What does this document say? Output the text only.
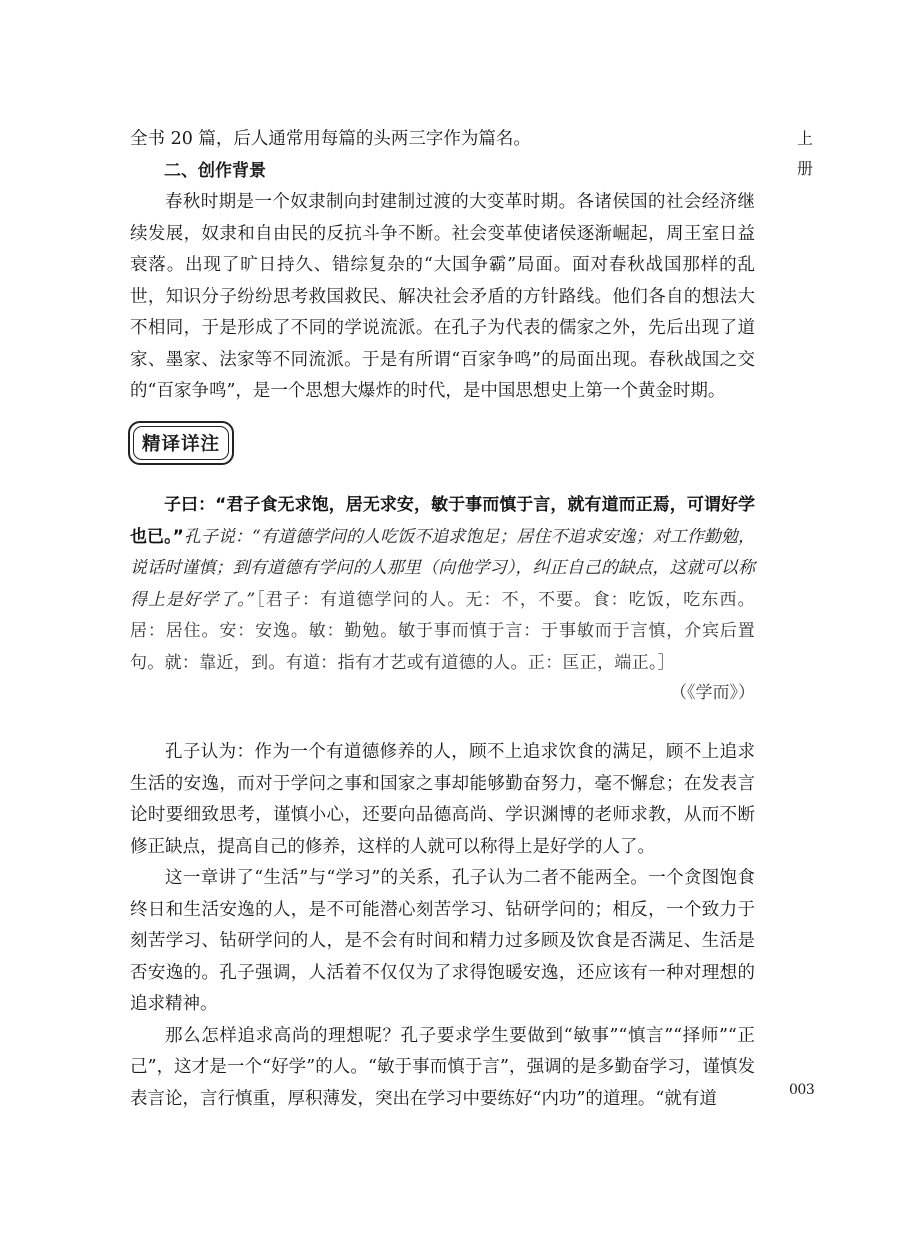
全书 20 篇，后人通常用每篇的头两三字作为篇名。

二、创作背景

春秋时期是一个奴隶制向封建制过渡的大变革时期。各诸侯国的社会经济继续发展，奴隶和自由民的反抗斗争不断。社会变革使诸侯逐渐崛起，周王室日益衰落。出现了旷日持久、错综复杂的“大国争霸”局面。面对春秋战国那样的乱世，知识分子纷纷思考救国救民、解决社会矛盾的方针路线。他们各自的想法大不相同，于是形成了不同的学说流派。在孔子为代表的儒家之外，先后出现了道家、墨家、法家等不同流派。于是有所谓“百家争鸣”的局面出现。春秋战国之交的“百家争鸣”，是一个思想大爆炸的时代，是中国思想史上第一个黄金时期。

精译详注

子曰：“君子食无求饱，居无求安，敏于事而慎于言，就有道而正焉，可谓好学也已。”孔子说：“有道德学问的人吃饭不追求饱足；居住不追求安逸；对工作勤勉，说话时谨慎；到有道德有学问的人那里（向他学习），纠正自己的缺点，这就可以称得上是好学了。”［君子：有道德学问的人。无：不，不要。食：吃饭，吃东西。居：居住。安：安逸。敏：勤勉。敏于事而慎于言：于事敏而于言慎，介宾后置句。就：靠近，到。有道：指有才艺或有道德的人。正：匡正，端正。］

（《学而》）

孔子认为：作为一个有道德修养的人，顾不上追求饮食的满足，顾不上追求生活的安逸，而对于学问之事和国家之事却能够勤奋努力，毫不懈怠；在发表言论时要细致思考，谨慎小心，还要向品德高尚、学识渊博的老师求教，从而不断修正缺点，提高自己的修养，这样的人就可以称得上是好学的人了。

这一章讲了“生活”与“学习”的关系，孔子认为二者不能两全。一个贪图饱食终日和生活安逸的人，是不可能潜心刻苦学习、钻研学问的；相反，一个致力于刻苦学习、钻研学问的人，是不会有时间和精力过多顾及饮食是否满足、生活是否安逸的。孔子强调，人活着不仅仅为了求得饱暖安逸，还应该有一种对理想的追求精神。

那么怎样追求高尚的理想呢？孔子要求学生要做到“敏事”“慎言”“择师”“正己”，这才是一个“好学”的人。“敏于事而慎于言”，强调的是多勤奋学习，谨慎发表言论，言行慎重，厚积薄发，突出在学习中要练好“内功”的道理。“就有道

上册
003
